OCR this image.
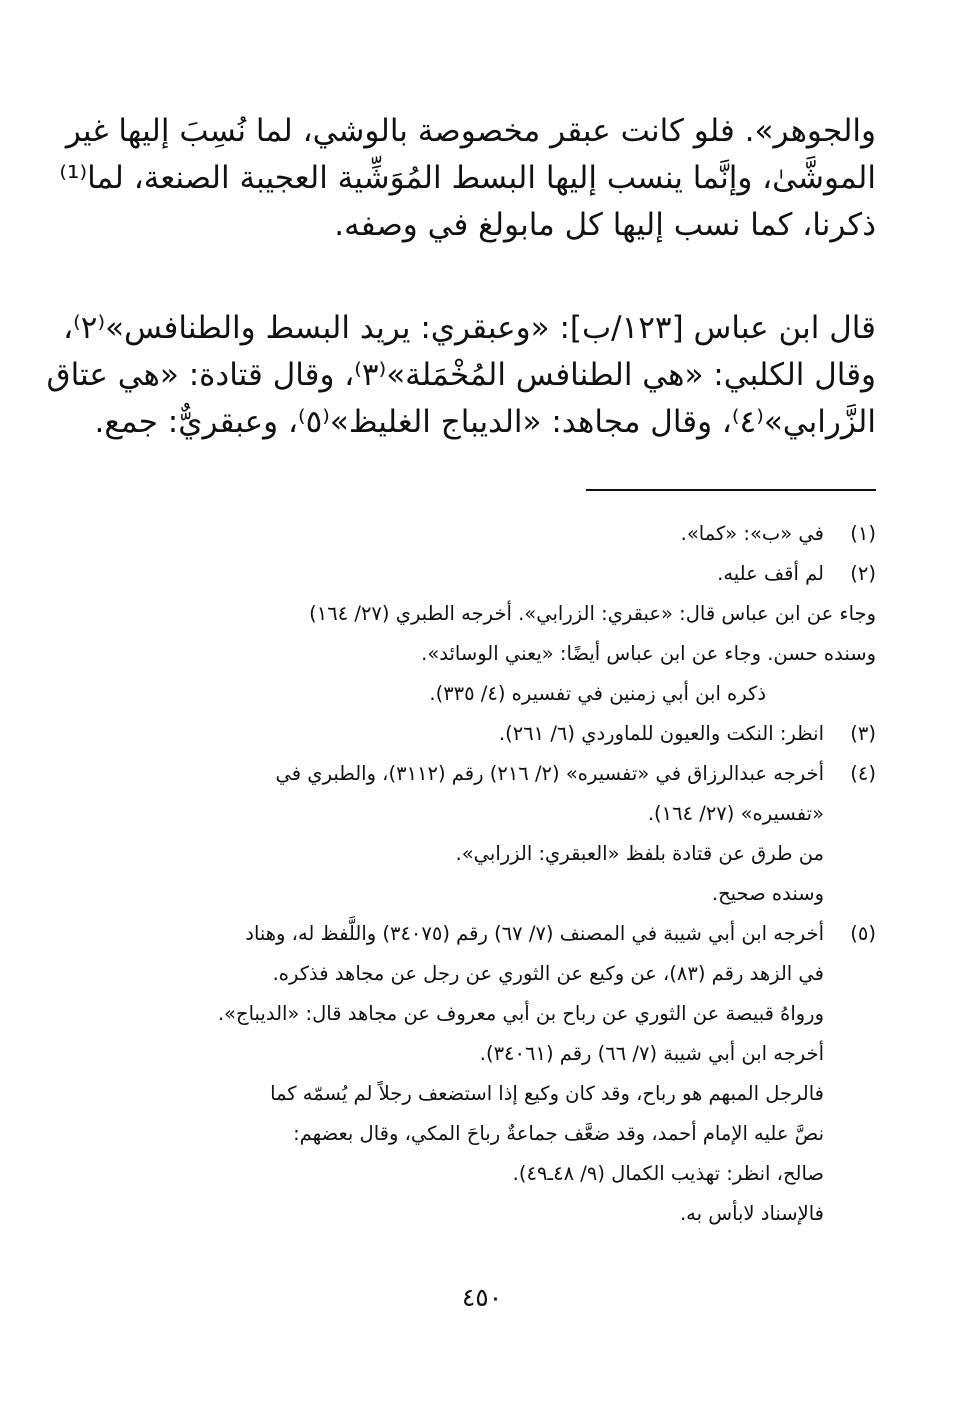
والجوهر». فلو كانت عبقر مخصوصة بالوشي، لما نُسِبَ إليها غير
الموشَّىٰ، وإنَّما ينسب إليها البسط المُوَشِّية العجيبة الصنعة، لما⁽¹⁾
ذكرنا، كما نسب إليها كل مابولغ في وصفه.
قال ابن عباس [١٢٣/ب]: «وعبقري: يريد البسط والطنافس»⁽٢⁾،
وقال الكلبي: «هي الطنافس المُخْمَلة»⁽٣⁾، وقال قتادة: «هي عتاق
الزَّرابي»⁽٤⁾، وقال مجاهد: «الديباج الغليظ»⁽٥⁾، وعبقريٌّ: جمع.
(١)في «ب»: «كما».
(٢)لم أقف عليه.
وجاء عن ابن عباس قال: «عبقري: الزرابي». أخرجه الطبري (٢٧/ ١٦٤)
وسنده حسن. وجاء عن ابن عباس أيضًا: «يعني الوسائد».
ذكره ابن أبي زمنين في تفسيره (٤/ ٣٣٥).
(٣)انظر: النكت والعيون للماوردي (٦/ ٢٦١).
(٤)أخرجه عبدالرزاق في «تفسيره» (٢/ ٢١٦) رقم (٣١١٢)، والطبري في
«تفسيره» (٢٧/ ١٦٤).
من طرق عن قتادة بلفظ «العبقري: الزرابي».
وسنده صحيح.
(٥)أخرجه ابن أبي شيبة في المصنف (٧/ ٦٧) رقم (٣٤٠٧٥) واللَّفظ له، وهناد
في الزهد رقم (٨٣)، عن وكيع عن الثوري عن رجل عن مجاهد فذكره.
ورواهُ قبيصة عن الثوري عن رباح بن أبي معروف عن مجاهد قال: «الديباج».
أخرجه ابن أبي شيبة (٧/ ٦٦) رقم (٣٤٠٦١).
فالرجل المبهم هو رباح، وقد كان وكيع إذا استضعف رجلاً لم يُسمّه كما
نصَّ عليه الإمام أحمد، وقد ضعَّف جماعةٌ رباحَ المكي، وقال بعضهم:
صالح، انظر: تهذيب الكمال (٩/ ٤٨ـ٤٩).
فالإسناد لابأس به.
٤٥٠
